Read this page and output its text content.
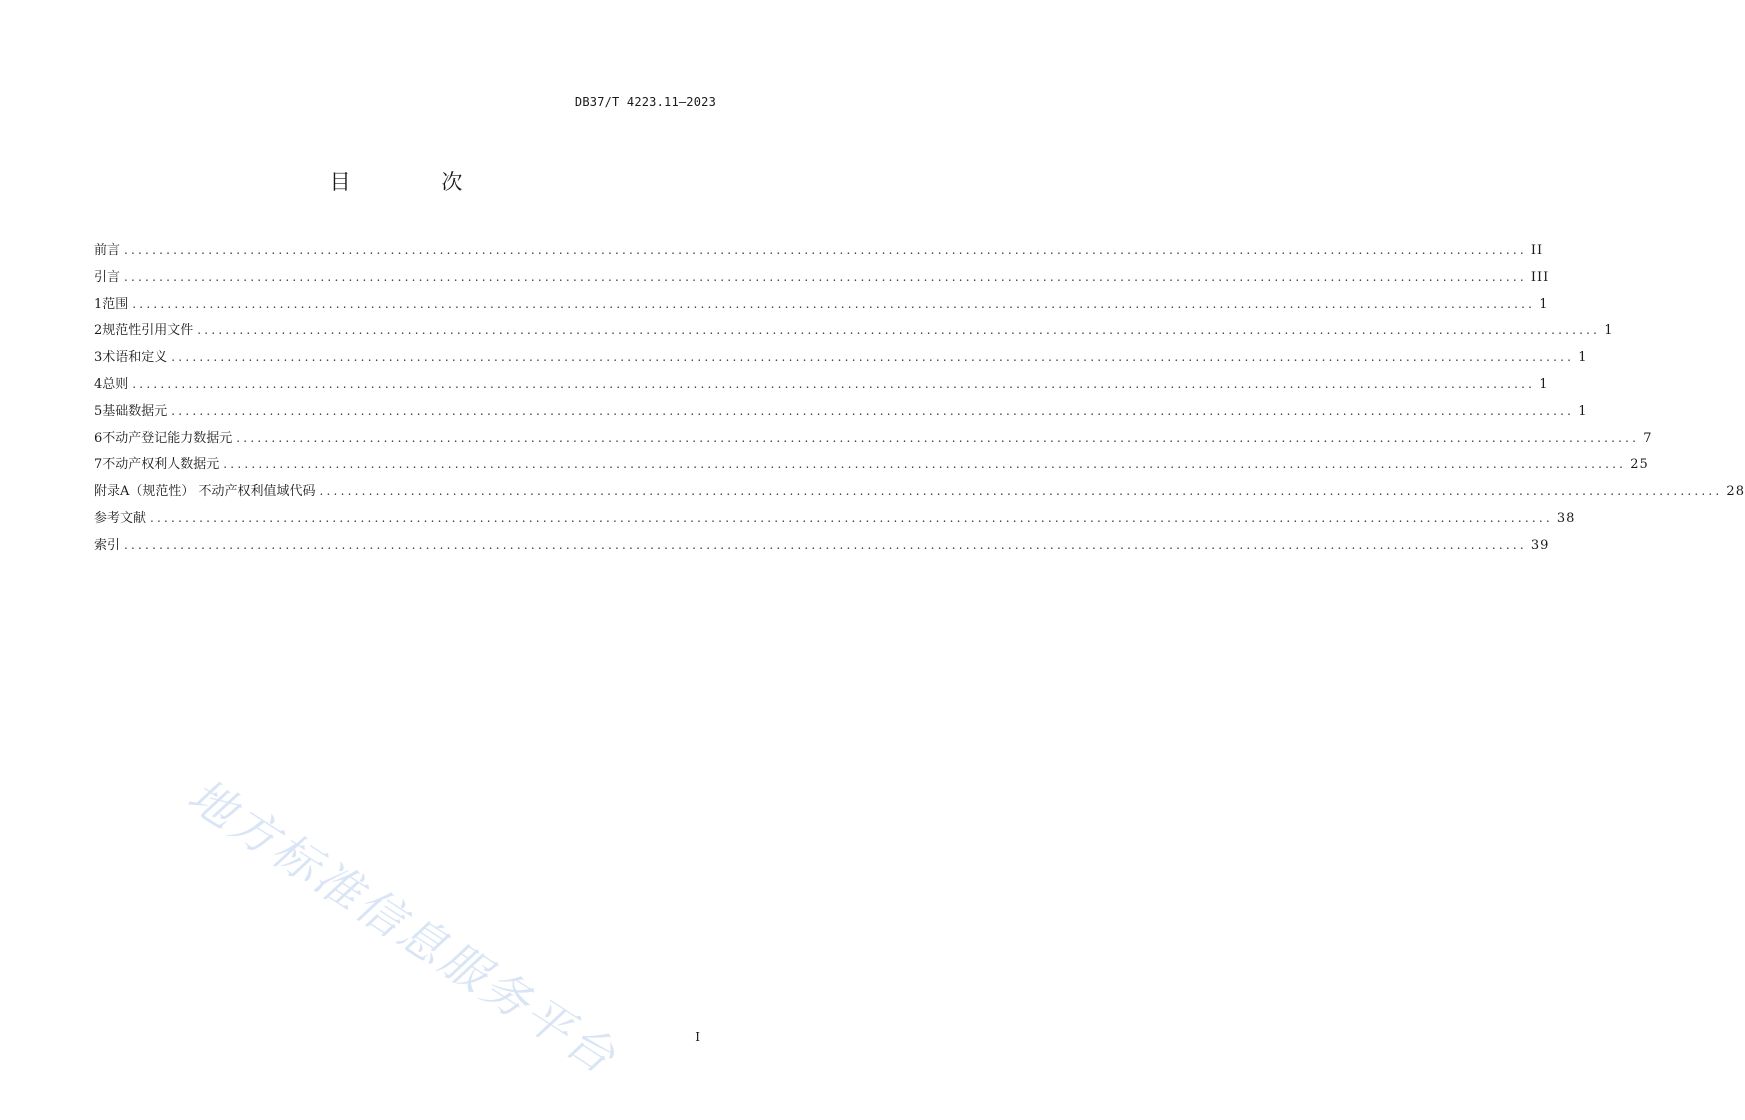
DB37/T 4223.11—2023
目 次
前言 ........................................................................................................................................................................................................ II
引言 ........................................................................................................................................................................................................ III
1 范围 ........................................................................................................................................................................................................ 1
2 规范性引用文件 ........................................................................................................................................................................................................ 1
3 术语和定义 ........................................................................................................................................................................................................ 1
4 总则 ........................................................................................................................................................................................................ 1
5 基础数据元 ........................................................................................................................................................................................................ 1
6 不动产登记能力数据元 ........................................................................................................................................................................................................ 7
7 不动产权利人数据元 ........................................................................................................................................................................................................ 25
附录A（规范性） 不动产权利值域代码 ........................................................................................................................................................................................................ 28
参考文献 ........................................................................................................................................................................................................ 38
索引 ........................................................................................................................................................................................................ 39
地方标准信息服务平台	I
